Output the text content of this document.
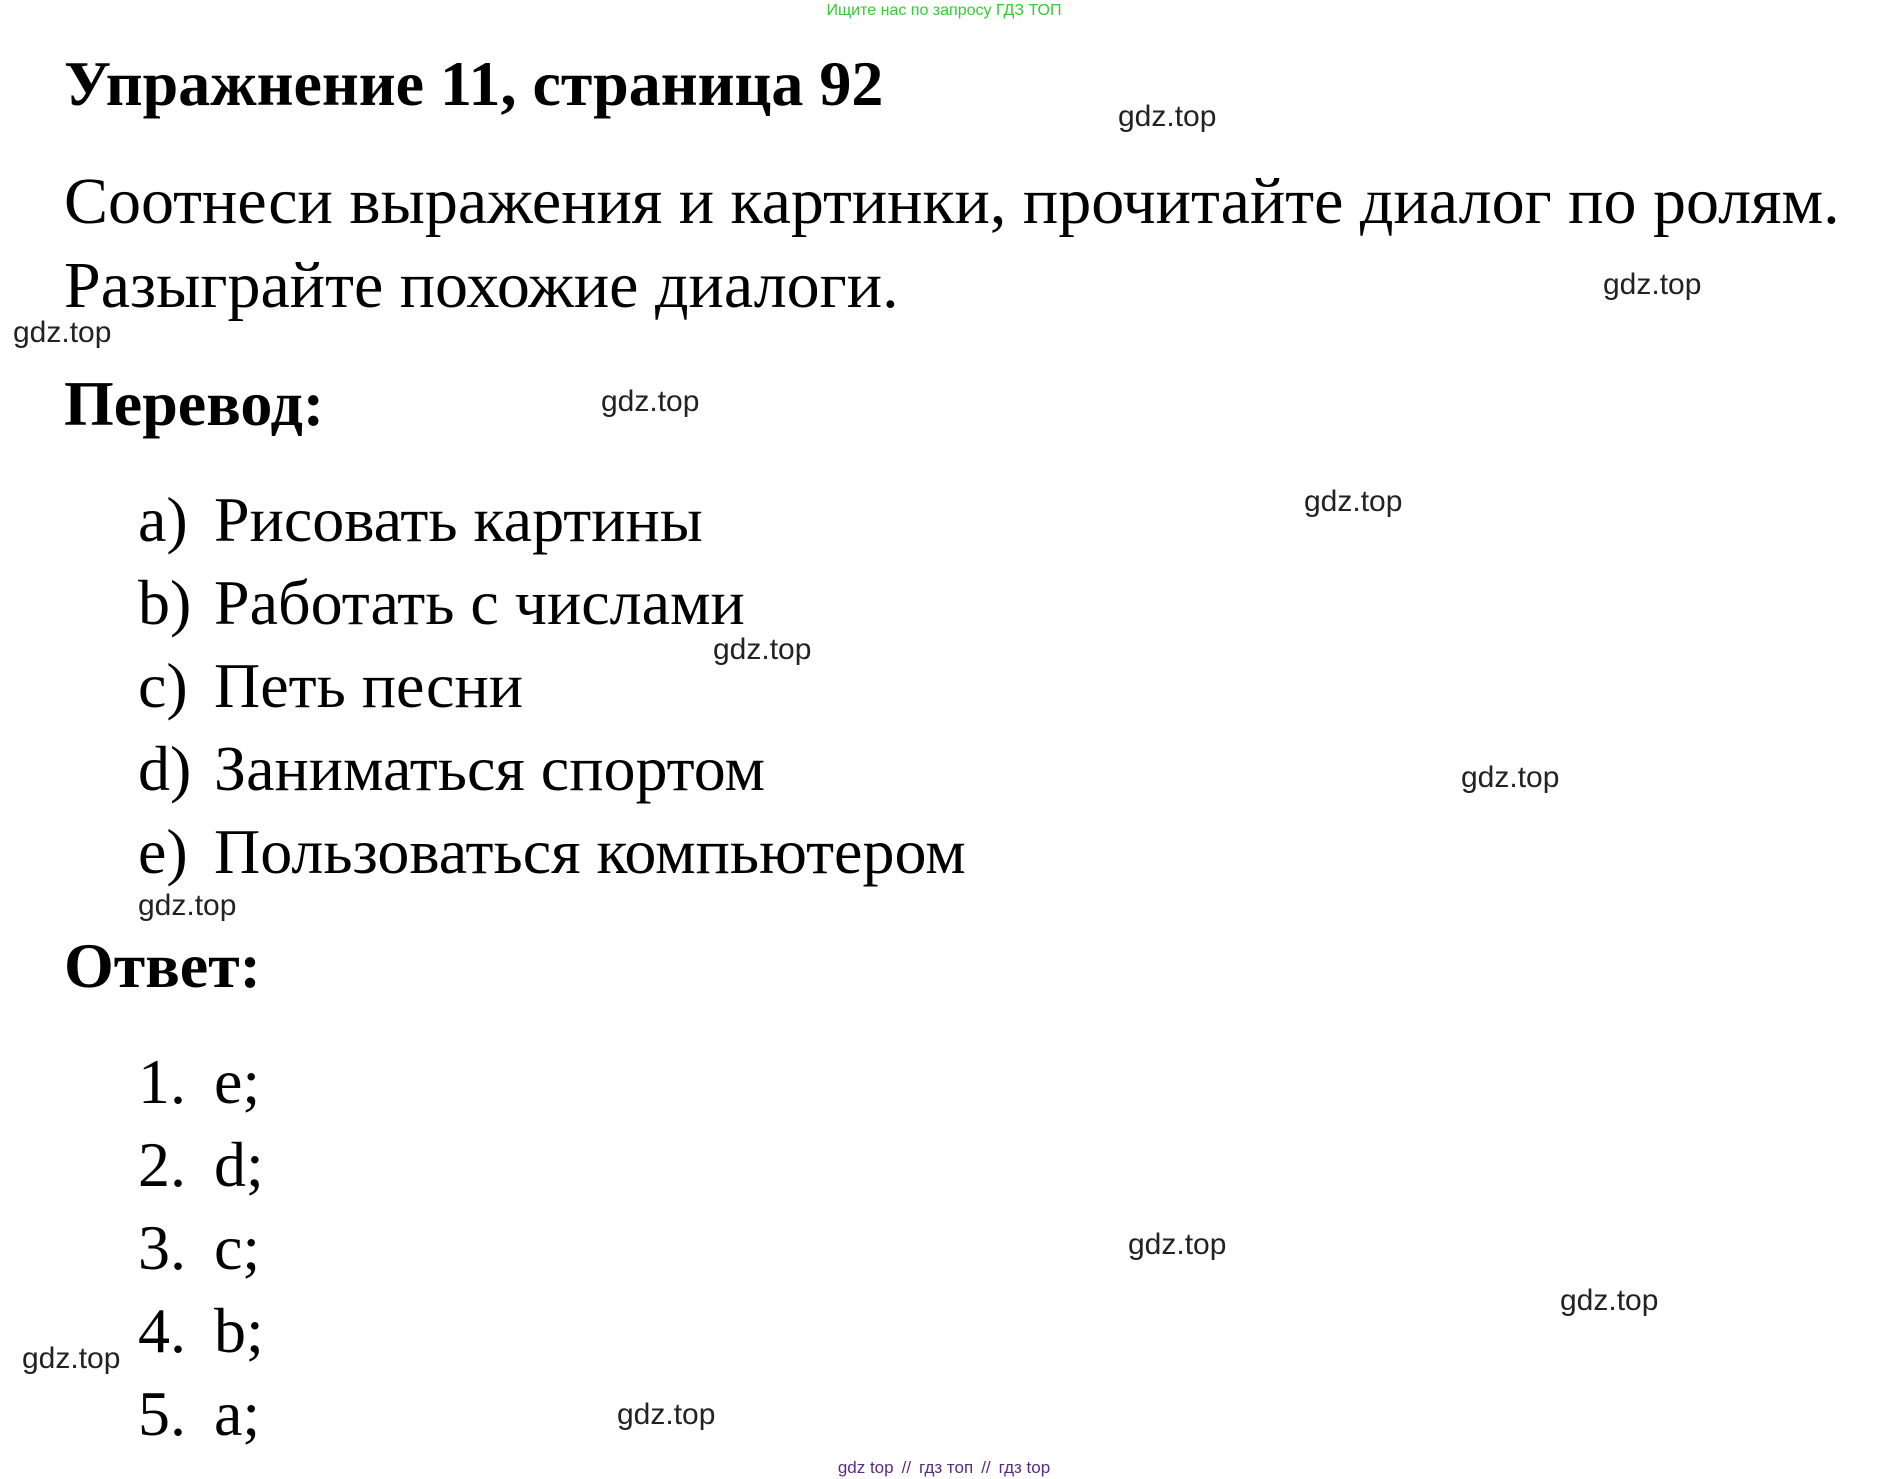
Ищите нас по запросу ГДЗ ТОП
Упражнение 11, страница 92
Соотнеси выражения и картинки, прочитайте диалог по ролям.
Разыграйте похожие диалоги.
Перевод:
a) Рисовать картины
b) Работать с числами
c) Петь песни
d) Заниматься спортом
e) Пользоваться компьютером
Ответ:
1. e;
2. d;
3. c;
4. b;
5. a;
gdz.top
gdz.top
gdz.top
gdz.top
gdz.top
gdz.top
gdz.top
gdz.top
gdz.top
gdz.top
gdz.top
gdz.top
gdz top // гдз топ // гдз top
